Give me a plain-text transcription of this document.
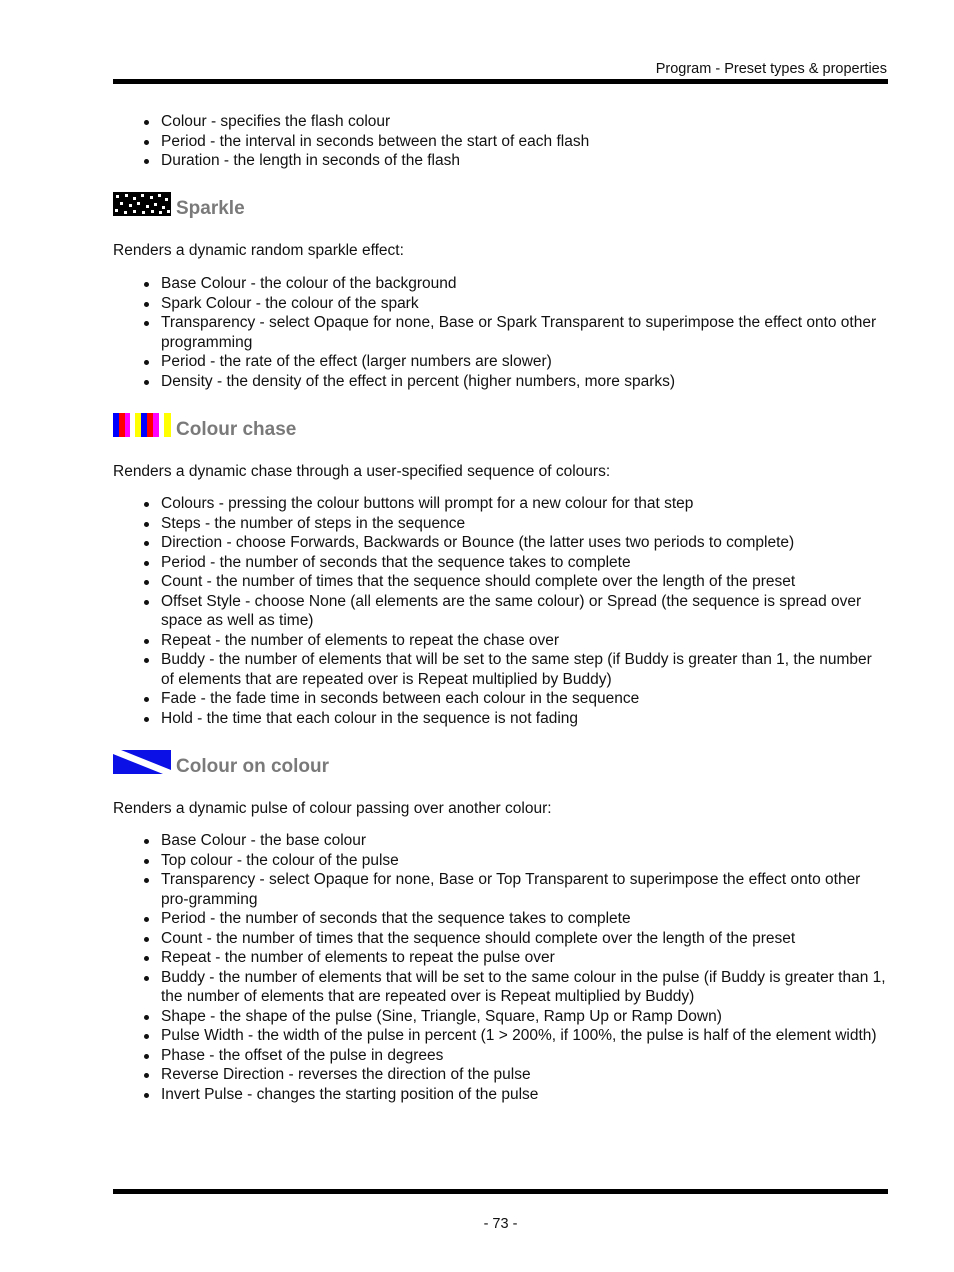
Program - Preset types & properties
Colour - specifies the flash colour
Period - the interval in seconds between the start of each flash
Duration - the length in seconds of the flash
Sparkle
Renders a dynamic random sparkle effect:
Base Colour - the colour of the background
Spark Colour - the colour of the spark
Transparency - select Opaque for none, Base or Spark Transparent to superimpose the effect onto other programming
Period - the rate of the effect (larger numbers are slower)
Density - the density of the effect in percent (higher numbers, more sparks)
Colour chase
Renders a dynamic chase through a user-specified sequence of colours:
Colours - pressing the colour buttons will prompt for a new colour for that step
Steps - the number of steps in the sequence
Direction - choose Forwards, Backwards or Bounce (the latter uses two periods to complete)
Period - the number of seconds that the sequence takes to complete
Count - the number of times that the sequence should complete over the length of the preset
Offset Style - choose None (all elements are the same colour) or Spread (the sequence is spread over space as well as time)
Repeat - the number of elements to repeat the chase over
Buddy - the number of elements that will be set to the same step (if Buddy is greater than 1, the number of elements that are repeated over is Repeat multiplied by Buddy)
Fade - the fade time in seconds between each colour in the sequence
Hold - the time that each colour in the sequence is not fading
Colour on colour
Renders a dynamic pulse of colour passing over another colour:
Base Colour - the base colour
Top colour - the colour of the pulse
Transparency - select Opaque for none, Base or Top Transparent to superimpose the effect onto other pro-gramming
Period - the number of seconds that the sequence takes to complete
Count - the number of times that the sequence should complete over the length of the preset
Repeat - the number of elements to repeat the pulse over
Buddy - the number of elements that will be set to the same colour in the pulse (if Buddy is greater than 1, the number of elements that are repeated over is Repeat multiplied by Buddy)
Shape - the shape of the pulse (Sine, Triangle, Square, Ramp Up or Ramp Down)
Pulse Width - the width of the pulse in percent (1 > 200%, if 100%, the pulse is half of the element width)
Phase - the offset of the pulse in degrees
Reverse Direction - reverses the direction of the pulse
Invert Pulse - changes the starting position of the pulse
- 73 -
